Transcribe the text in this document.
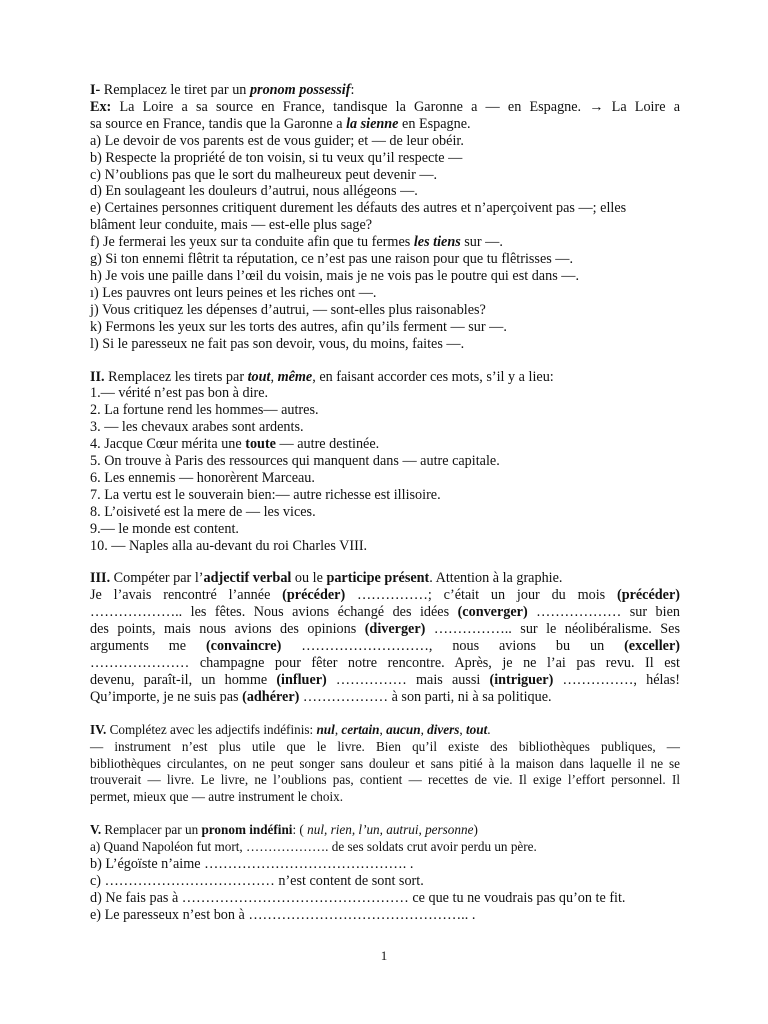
I- Remplacez le tiret par un pronom possessif:
Ex: La Loire a sa source en France, tandisque la Garonne a — en Espagne. → La Loire a
sa source en France, tandis que la Garonne a la sienne en Espagne.
a) Le devoir de vos parents est de vous guider; et — de leur obéir.
b) Respecte la propriété de ton voisin, si tu veux qu’il respecte —
c) N’oublions pas que le sort du malheureux peut devenir —.
d) En soulageant les douleurs d’autrui, nous allégeons —.
e) Certaines personnes critiquent durement les défauts des autres et n’aperçoivent pas —; elles
blâment leur conduite, mais — est-elle plus sage?
f) Je fermerai les yeux sur ta conduite afin que tu fermes les tiens sur —.
g) Si ton ennemi flêtrit ta réputation, ce n’est pas une raison pour que tu flêtrisses —.
h) Je vois une paille dans l’œil du voisin, mais je ne vois pas le poutre qui est dans —.
ı) Les pauvres ont leurs peines et les riches ont —.
j) Vous critiquez les dépenses d’autrui, — sont-elles plus raisonables?
k) Fermons les yeux sur les torts des autres, afin qu’ils ferment — sur —.
l) Si le paresseux ne fait pas son devoir, vous, du moins, faites —.
II. Remplacez les tirets par tout, même, en faisant accorder ces mots, s’il y a lieu:
1.— vérité n’est pas bon à dire.
2. La fortune rend les hommes— autres.
3. — les chevaux arabes sont ardents.
4. Jacque Cœur mérita une toute — autre destinée.
5. On trouve à Paris des ressources qui manquent dans — autre capitale.
6. Les ennemis — honorèrent Marceau.
7. La vertu est le souverain bien:— autre richesse est illisoire.
8. L’oisiveté est la mere de — les vices.
9.— le monde est content.
10. — Naples alla au-devant du roi Charles VIII.
III. Compéter par l’adjectif verbal ou le participe présent. Attention à la graphie.
Je l’avais rencontré l’année (précéder) ……………; c’était un jour du mois (précéder)
……………….. les fêtes. Nous avions échangé des idées (converger) ……………… sur bien
des points, mais nous avions des opinions (diverger) …………….. sur le néolibéralisme. Ses
arguments me (convaincre) ………………………, nous avions bu un (exceller)
………………… champagne pour fêter notre rencontre. Après, je ne l’ai pas revu. Il est
devenu, paraît-il, un homme (influer) …………… mais aussi (intriguer) ……………, hélas!
Qu’importe, je ne suis pas (adhérer) ……………… à son parti, ni à sa politique.
IV. Complétez avec les adjectifs indéfinis: nul, certain, aucun, divers, tout.
— instrument n’est plus utile que le livre. Bien qu’il existe des bibliothèques publiques, —
bibliothèques circulantes, on ne peut songer sans douleur et sans pitié à la maison dans laquelle il ne se
trouverait — livre. Le livre, ne l’oublions pas, contient — recettes de vie. Il exige l’effort personnel. Il
permet, mieux que — autre instrument le choix.
V. Remplacer par un pronom indéfini: ( nul, rien, l’un, autrui, personne)
a) Quand Napoléon fut mort, ………………. de ses soldats crut avoir perdu un père.
b) L’égoïste n’aime ……………………………………. .
c) ……………………………… n’est content de sont sort.
d) Ne fais pas à ………………………………………… ce que tu ne voudrais pas qu’on te fit.
e) Le paresseux n’est bon à ……………………………………….. .
1
